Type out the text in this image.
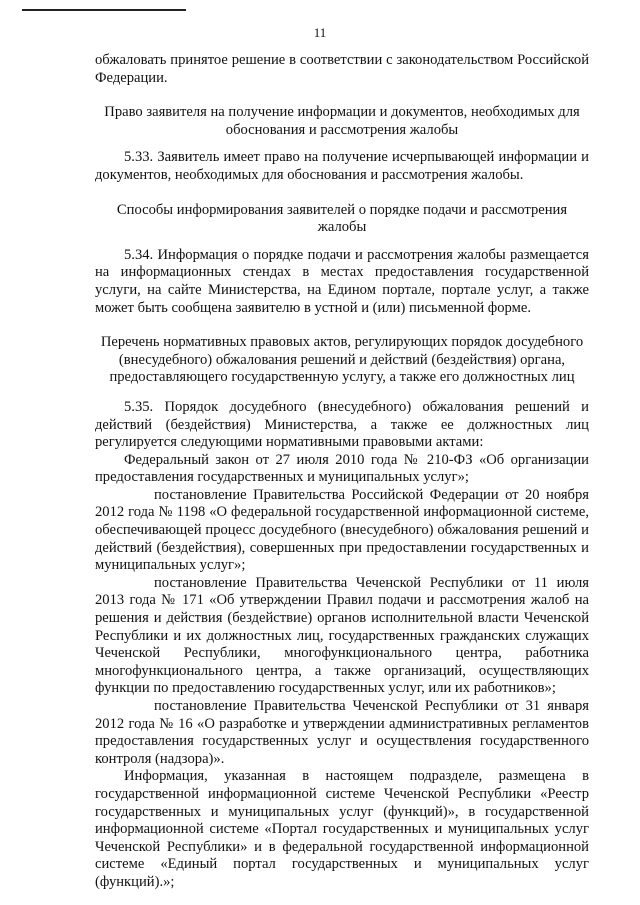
11

обжаловать принятое решение в соответствии с законодательством Российской Федерации.

Право заявителя на получение информации и документов, необходимых для обоснования и рассмотрения жалобы

5.33. Заявитель имеет право на получение исчерпывающей информации и документов, необходимых для обоснования и рассмотрения жалобы.

Способы информирования заявителей о порядке подачи и рассмотрения жалобы

5.34. Информация о порядке подачи и рассмотрения жалобы размещается на информационных стендах в местах предоставления государственной услуги, на сайте Министерства, на Едином портале, портале услуг, а также может быть сообщена заявителю в устной и (или) письменной форме.

Перечень нормативных правовых актов, регулирующих порядок досудебного (внесудебного) обжалования решений и действий (бездействия) органа, предоставляющего государственную услугу, а также его должностных лиц

5.35. Порядок досудебного (внесудебного) обжалования решений и действий (бездействия) Министерства, а также ее должностных лиц регулируется следующими нормативными правовыми актами:

Федеральный закон от 27 июля 2010 года № 210-ФЗ «Об организации предоставления государственных и муниципальных услуг»;

постановление Правительства Российской Федерации от 20 ноября 2012 года № 1198 «О федеральной государственной информационной системе, обеспечивающей процесс досудебного (внесудебного) обжалования решений и действий (бездействия), совершенных при предоставлении государственных и муниципальных услуг»;

постановление Правительства Чеченской Республики от 11 июля 2013 года № 171 «Об утверждении Правил подачи и рассмотрения жалоб на решения и действия (бездействие) органов исполнительной власти Чеченской Республики и их должностных лиц, государственных гражданских служащих Чеченской Республики, многофункционального центра, работника многофункционального центра, а также организаций, осуществляющих функции по предоставлению государственных услуг, или их работников»;

постановление Правительства Чеченской Республики от 31 января 2012 года № 16 «О разработке и утверждении административных регламентов предоставления государственных услуг и осуществления государственного контроля (надзора)».

Информация, указанная в настоящем подразделе, размещена в государственной информационной системе Чеченской Республики «Реестр государственных и муниципальных услуг (функций)», в государственной информационной системе «Портал государственных и муниципальных услуг Чеченской Республики» и в федеральной государственной информационной системе «Единый портал государственных и муниципальных услуг (функций).»;
